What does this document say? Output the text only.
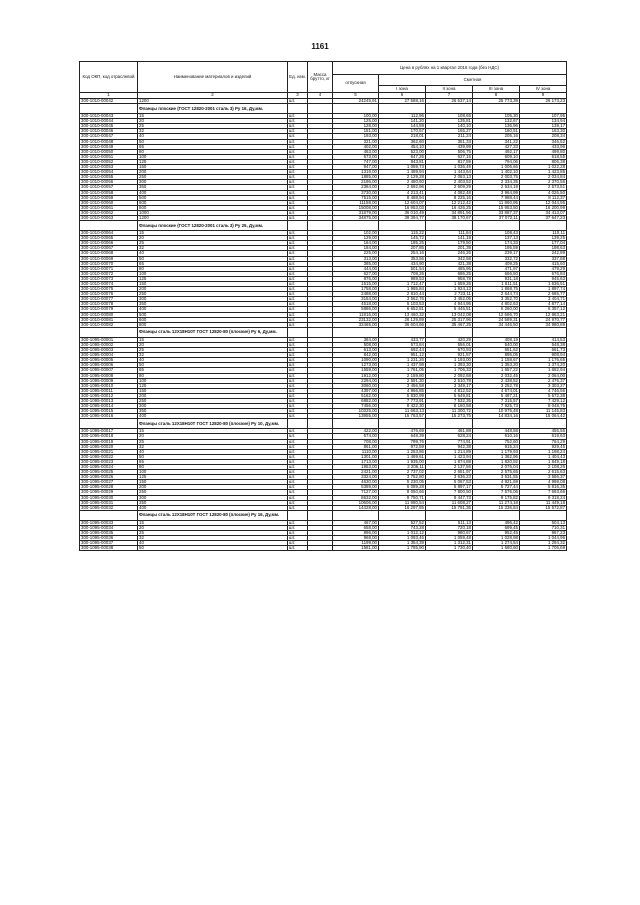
1161
Код ОКП, код отраслевой	Наименование материалов и изделий	Ед. изм.	Масса брутто, кг	Цена в рублях на 1 квартал 2016 года (без НДС)				
				отпускная	Сметная			
					I зона	II зона	III зона	IV зона
1	2	3	4	5	6	7	8	9
300-1010-00042	1200	шт.		24245,91	27 588,16	26 537,14	25 773,39	26 173,23
	Фланцы плоские (ГОСТ 12820-2001 сталь 3) Ру 16, Ду,мм.							
300-1010-00043	15	шт.		100,00	112,96	108,65	105,30	107,95
300-1010-00044	20	шт.		125,00	141,20	135,81	132,67	134,94
300-1010-00045	25	шт.		128,00	144,59	140,10	136,96	139,17
300-1010-00046	32	шт.		151,00	170,57	165,27	160,51	163,30
300-1010-00047	40	шт.		193,00	218,01	211,24	205,16	208,34
300-1010-00048	50	шт.		321,00	362,60	351,33	341,22	346,52
300-1010-00049	65	шт.		402,00	454,10	439,99	427,33	433,96
300-1010-00050	80	шт.		463,00	523,00	506,75	492,17	499,80
300-1010-00051	100	шт.		573,00	647,26	627,15	609,10	618,55
300-1010-00052	125	шт.		747,00	843,81	817,59	794,06	806,38
300-1010-00053	150	шт.		947,00	1 069,73	1 036,49	1 006,66	1 022,28
300-1010-00054	200	шт.		1319,00	1 489,94	1 443,64	1 402,10	1 423,85
300-1010-00055	250	шт.		1885,00	2 129,28	2 063,13	2 003,75	2 034,84
300-1010-00056	300	шт.		2196,00	2 480,60	2 403,52	2 334,35	2 370,56
300-1010-00057	350	шт.		2384,00	2 692,96	2 609,29	2 534,19	2 573,51
300-1010-00058	400	шт.		3730,00	4 213,41	4 082,48	3 964,99	4 026,50
300-1010-00059	500	шт.		7515,00	8 488,94	8 225,16	7 988,44	8 112,37
300-1010-00060	600	шт.		11158,00	12 604,07	12 212,42	11 860,95	12 044,95
300-1010-00061	800	шт.		15008,00	16 953,03	16 426,25	15 953,50	16 200,99
300-1010-00062	1000	шт.		31879,00	36 010,49	34 891,56	33 887,37	34 413,07
300-1010-00063	1200	шт.		34875,00	39 394,77	38 170,67	37 072,11	37 647,23
	Фланцы плоские (ГОСТ 12820-2001 сталь 3) Ру 25, Ду,мм.							
300-1010-00064	15	шт.		102,00	115,22	111,64	108,43	110,11
300-1010-00065	20	шт.		129,00	145,72	141,19	137,13	139,25
300-1010-00066	25	шт.		164,00	185,25	179,50	174,33	177,04
300-1010-00067	32	шт.		184,00	207,85	201,39	195,59	198,63
300-1010-00068	40	шт.		225,00	254,16	246,26	239,17	242,89
300-1010-00069	50	шт.		313,00	353,56	342,58	332,72	337,88
300-1010-00070	65	шт.		385,00	434,90	421,38	409,25	415,60
300-1010-00071	80	шт.		444,00	501,54	485,96	471,97	479,29
300-1010-00072	100	шт.		627,00	708,26	686,25	666,50	676,84
300-1010-00073	125	шт.		876,00	989,53	958,78	931,18	945,63
300-1010-00074	150	шт.		1515,00	1 712,47	1 659,26	1 611,51	1 636,51
300-1010-00075	200	шт.		1758,00	1 985,84	1 924,13	1 868,75	1 897,74
300-1010-00076	250	шт.		2488,00	2 810,44	2 723,11	2 644,74	2 685,77
300-1010-00077	300	шт.		3154,00	3 562,76	3 452,05	3 352,70	3 404,71
300-1010-00078	350	шт.		4518,00	5 103,53	4 944,95	4 802,63	4 877,14
300-1010-00079	400	шт.		5886,00	6 652,81	6 445,51	6 260,00	6 357,12
300-1010-00080	500	шт.		11916,00	13 460,32	13 042,08	12 666,70	12 863,21
300-1010-00081	600	шт.		23132,00	26 129,89	25 317,96	24 589,31	24 970,77
300-1010-00082	800	шт.		32465,00	36 604,66	35 467,25	34 446,50	34 980,89
	Фланцы сталь 12Х18Н10Т ГОСТ 12820-80 (плоские) Ру 6, Ду,мм.							
300-1095-00001	15	шт.		384,00	433,77	420,29	408,19	414,53
300-1095-00002	20	шт.		508,00	573,84	556,01	540,00	548,38
300-1095-00003	25	шт.		613,00	692,44	670,93	651,62	661,73
300-1095-00004	32	шт.		842,00	951,12	921,57	895,05	908,94
300-1095-00005	40	шт.		1090,00	1 231,26	1 193,00	1 158,67	1 176,65
300-1095-00006	50	шт.		1273,00	1 437,98	1 393,30	1 353,20	1 374,20
300-1095-00007	65	шт.		1559,00	1 761,05	1 706,33	1 657,22	1 682,94
300-1095-00008	80	шт.		1912,00	2 159,80	2 092,68	2 032,45	2 064,00
300-1095-00009	100	шт.		2294,00	2 591,30	2 510,78	2 438,52	2 476,37
300-1095-00010	125	шт.		3060,00	3 456,58	3 349,17	3 252,78	3 303,27
300-1095-00011	150	шт.		4397,00	4 966,85	4 812,52	4 674,01	4 746,56
300-1095-00012	200	шт.		5162,00	5 830,99	5 649,81	5 487,21	5 572,38
300-1095-00013	250	шт.		6882,00	7 773,91	7 532,35	7 315,57	7 429,12
300-1095-00014	300	шт.		7456,00	8 422,30	8 160,58	7 925,73	8 048,75
300-1095-00015	350	шт.		10325,00	11 663,13	11 300,72	10 975,48	11 145,83
300-1095-00016	400	шт.		13955,00	15 763,57	15 273,75	14 834,16	15 064,42
	Фланцы сталь 12Х18Н10Т ГОСТ 12820-80 (плоские) Ру 10, Ду,мм.							
300-1095-00017	15	шт.		422,00	476,69	461,88	448,58	455,55
300-1095-00018	20	шт.		574,00	648,39	628,24	610,16	619,63
300-1095-00019	25	шт.		708,00	799,76	774,91	752,60	764,29
300-1095-00020	32	шт.		861,00	972,59	942,38	915,24	929,45
300-1095-00021	40	шт.		1110,00	1 253,86	1 214,89	1 179,93	1 198,24
300-1095-00022	50	шт.		1301,00	1 469,61	1 423,94	1 382,96	1 404,43
300-1095-00023	65	шт.		1713,00	1 935,00	1 874,88	1 820,92	1 849,18
300-1095-00024	80	шт.		1953,00	2 206,11	2 137,56	2 076,04	2 108,26
300-1095-00025	100	шт.		2421,00	2 737,02	2 651,97	2 575,65	2 615,63
300-1095-00026	125	шт.		3324,00	3 752,80	3 636,23	3 531,55	3 586,37
300-1095-00027	150	шт.		4630,00	5 230,05	5 067,53	4 921,69	4 998,08
300-1095-00028	200	шт.		5389,00	6 089,28	5 897,17	5 727,44	5 816,35
300-1095-00029	250	шт.		7127,00	8 050,66	7 800,50	7 576,06	7 693,66
300-1095-00030	300	шт.		8632,00	9 750,71	9 447,73	9 175,82	9 318,24
300-1095-00031	350	шт.		10606,00	11 980,54	11 608,27	11 274,18	11 449,18
300-1095-00032	400	шт.		14428,00	16 297,85	15 791,36	15 336,84	15 572,87
	Фланцы сталь 12Х18Н10Т ГОСТ 12820-80 (плоские) Ру 16, Ду,мм.							
300-1095-00033	15	шт.		467,00	527,52	511,13	496,42	504,13
300-1095-00034	20	шт.		658,00	743,28	720,18	699,45	710,31
300-1095-00035	25	шт.		896,00	1 012,12	980,67	952,45	967,23
300-1095-00036	32	шт.		968,00	1 093,45	1 059,48	1 028,98	1 044,96
300-1095-00037	40	шт.		1199,00	1 354,39	1 312,31	1 274,54	1 294,32
300-1095-00038	50	шт.		1581,00	1 785,90	1 730,40	1 680,60	1 706,69
